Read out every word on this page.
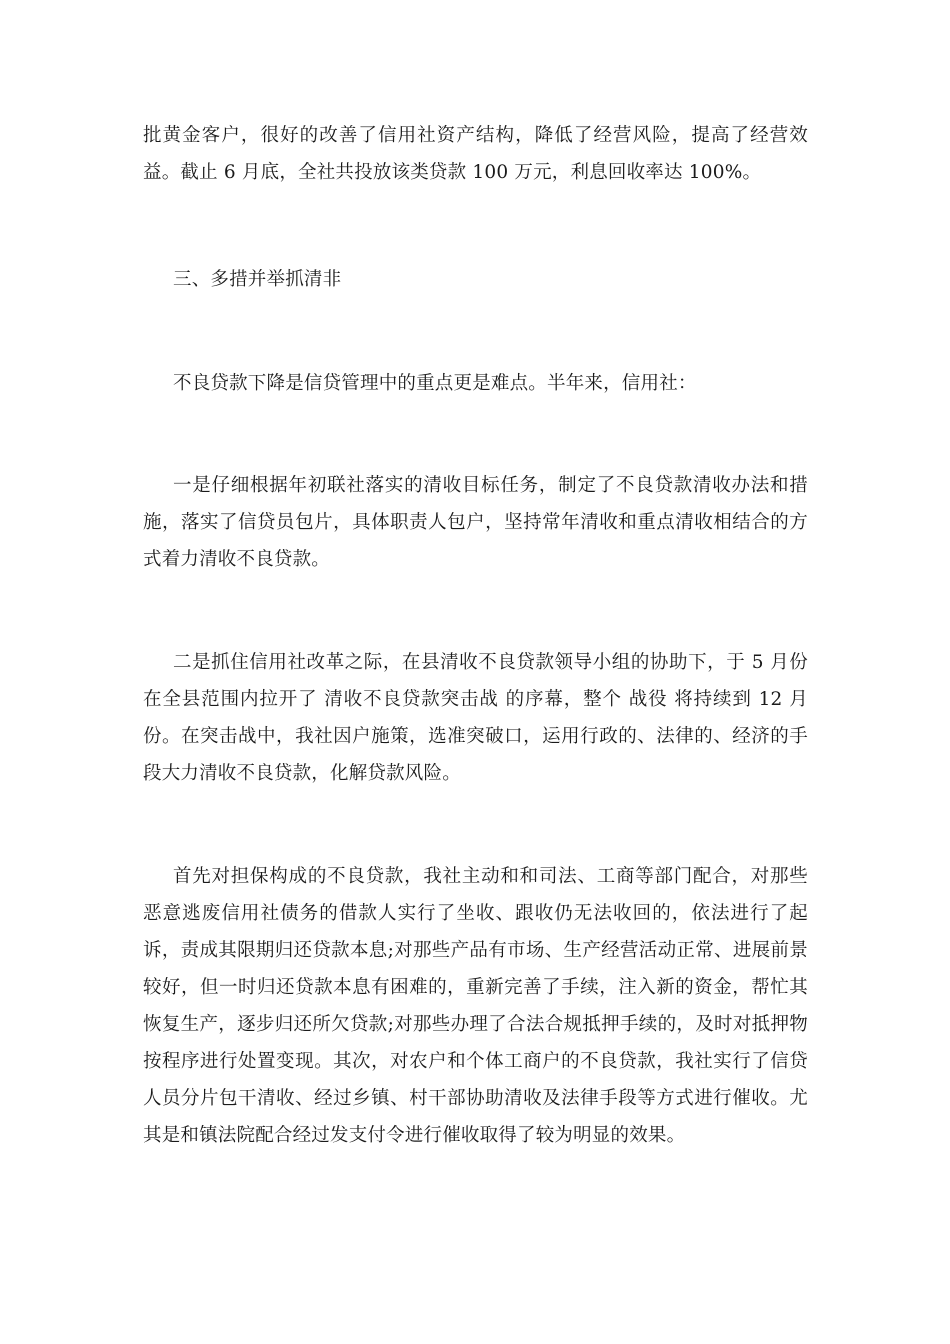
批黄金客户，很好的改善了信用社资产结构，降低了经营风险，提高了经营效益。截止 6 月底，全社共投放该类贷款 100 万元，利息回收率达 100%。

三、多措并举抓清非

不良贷款下降是信贷管理中的重点更是难点。半年来，信用社：

一是仔细根据年初联社落实的清收目标任务，制定了不良贷款清收办法和措施，落实了信贷员包片，具体职责人包户，坚持常年清收和重点清收相结合的方式着力清收不良贷款。

二是抓住信用社改革之际，在县清收不良贷款领导小组的协助下，于 5 月份在全县范围内拉开了 清收不良贷款突击战 的序幕，整个 战役 将持续到 12 月份。在突击战中，我社因户施策，选准突破口，运用行政的、法律的、经济的手段大力清收不良贷款，化解贷款风险。

首先对担保构成的不良贷款，我社主动和和司法、工商等部门配合，对那些恶意逃废信用社债务的借款人实行了坐收、跟收仍无法收回的，依法进行了起诉，责成其限期归还贷款本息;对那些产品有市场、生产经营活动正常、进展前景较好，但一时归还贷款本息有困难的，重新完善了手续，注入新的资金，帮忙其恢复生产，逐步归还所欠贷款;对那些办理了合法合规抵押手续的，及时对抵押物按程序进行处置变现。其次，对农户和个体工商户的不良贷款，我社实行了信贷人员分片包干清收、经过乡镇、村干部协助清收及法律手段等方式进行催收。尤其是和镇法院配合经过发支付令进行催收取得了较为明显的效果。
